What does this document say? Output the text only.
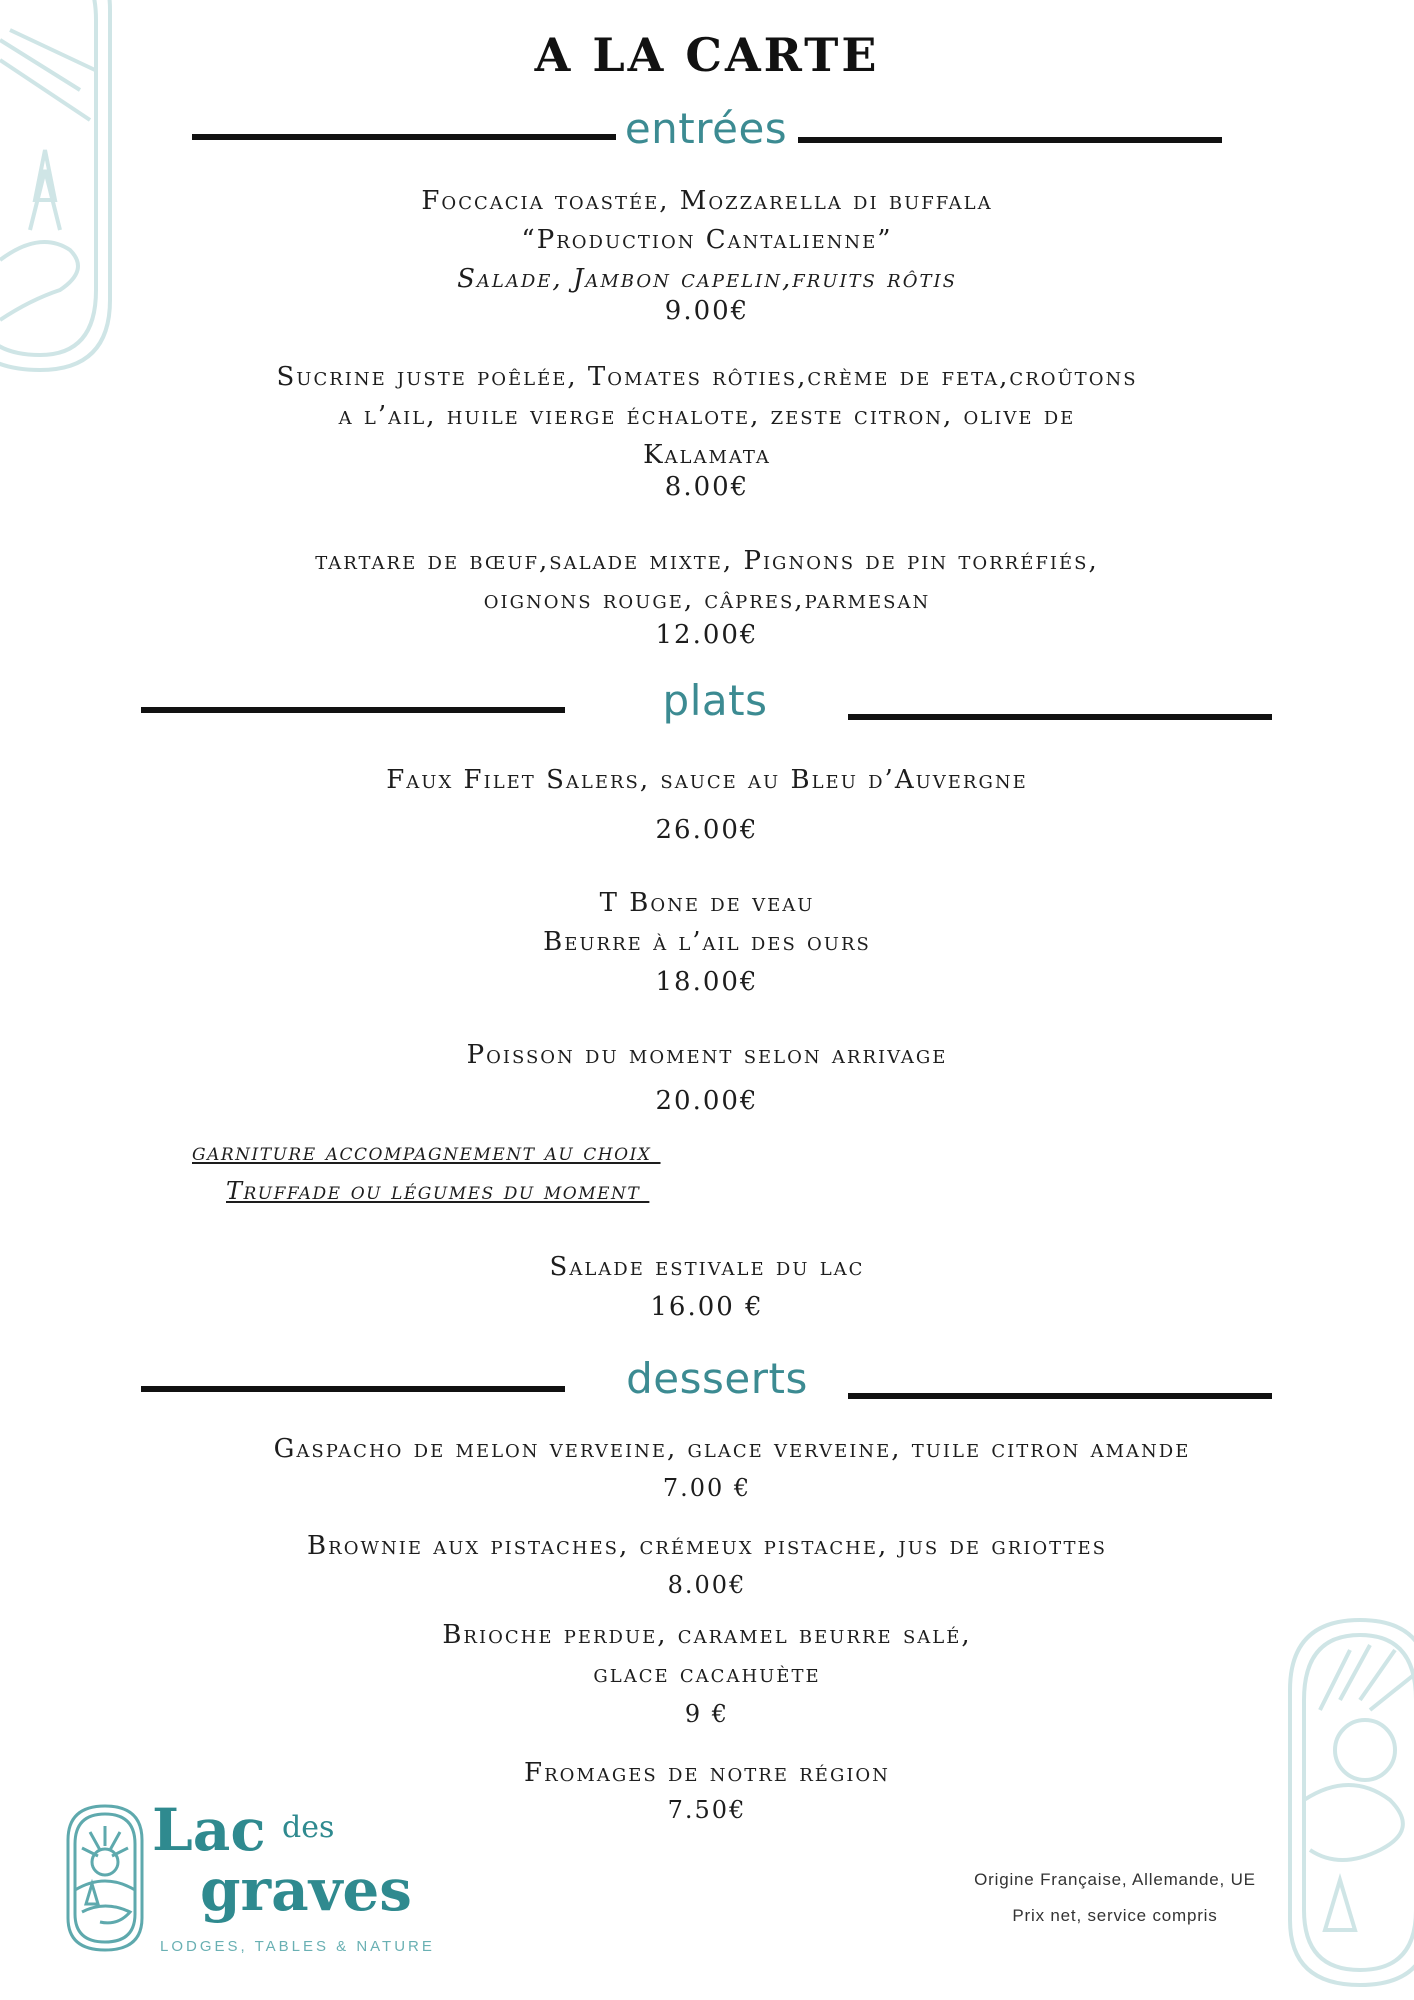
A LA CARTE
entrées
Foccacia toastée, Mozzarella di buffala
“Production Cantalienne”
Salade, Jambon capelin,fruits rôtis
9.00€
Sucrine juste poêlée, Tomates rôties,crème de feta,croûtons
a l’ail, huile vierge échalote, zeste citron, olive de
Kalamata
8.00€
tartare de bœuf,salade mixte, Pignons de pin torréfiés,
oignons rouge, câpres,parmesan
12.00€
plats
Faux Filet Salers, sauce au Bleu d’Auvergne
26.00€
T Bone de veau
Beurre à l’ail des ours
18.00€
Poisson du moment selon arrivage
20.00€
garniture accompagnement au choix
Truffade ou légumes du moment
Salade estivale du lac
16.00 €
desserts
Gaspacho de melon verveine, glace verveine, tuile citron amande
7.00 €
Brownie aux pistaches, crémeux pistache, jus de griottes
8.00€
Brioche perdue, caramel beurre salé,
glace cacahuète
9 €
Fromages de notre région
7.50€
Origine Française, Allemande, UE
Prix net, service compris
Lac des
graves
LODGES, TABLES & NATURE
